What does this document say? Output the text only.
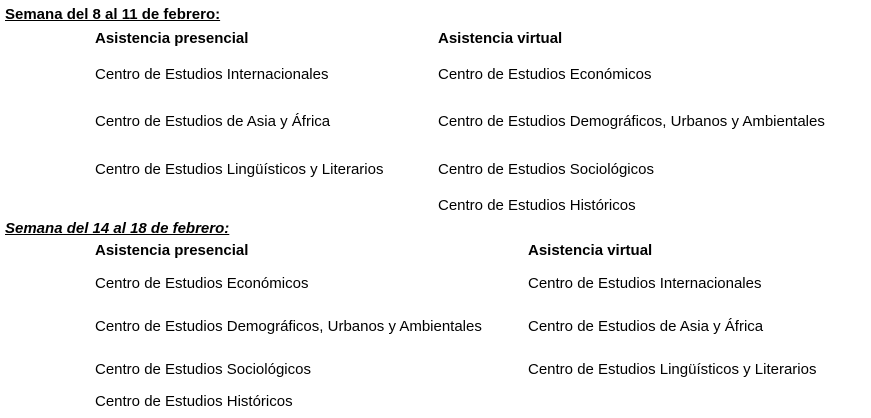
Semana del 8 al 11 de febrero:
Asistencia presencial	Asistencia virtual
Centro de Estudios Internacionales
Centro de Estudios de Asia y África
Centro de Estudios Lingüísticos y Literarios
Centro de Estudios Económicos
Centro de Estudios Demográficos, Urbanos y Ambientales
Centro de Estudios Sociológicos
Centro de Estudios Históricos
Semana del 14 al 18 de febrero:
Asistencia presencial	Asistencia virtual
Centro de Estudios Económicos
Centro de Estudios Demográficos, Urbanos y Ambientales
Centro de Estudios Sociológicos
Centro de Estudios Históricos
Centro de Estudios Internacionales
Centro de Estudios de Asia y África
Centro de Estudios Lingüísticos y Literarios
